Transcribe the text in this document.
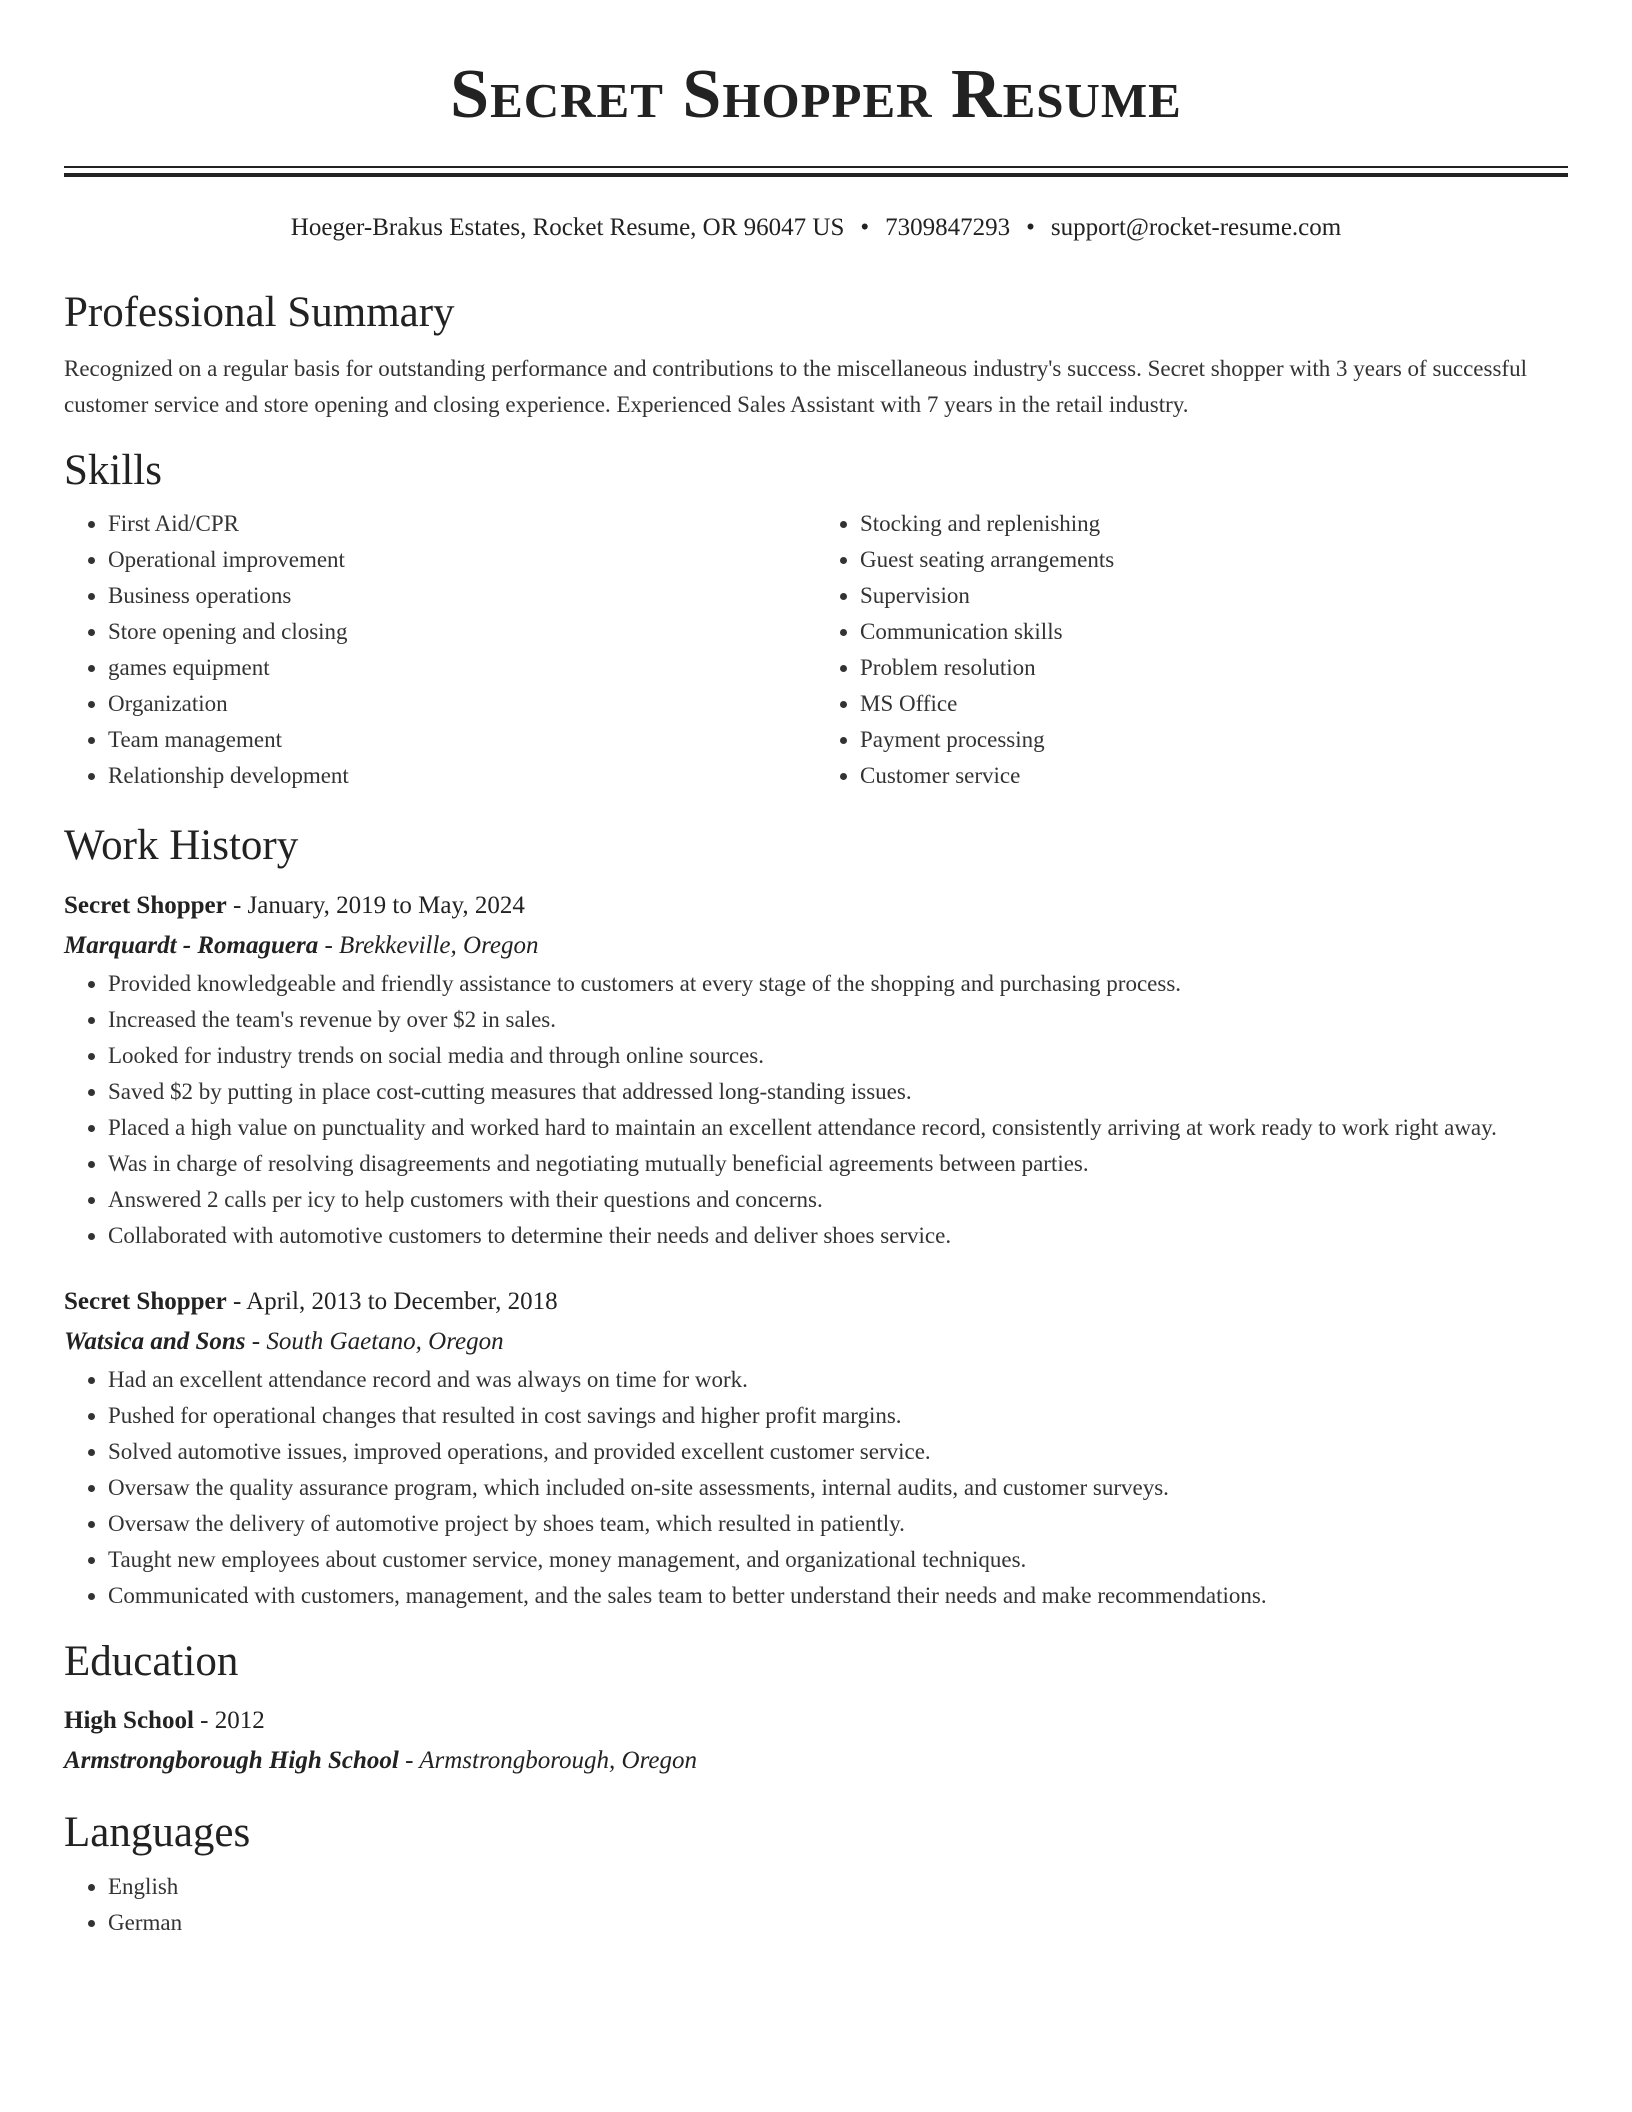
Secret Shopper Resume
Hoeger-Brakus Estates, Rocket Resume, OR 96047 US • 7309847293 • support@rocket-resume.com
Professional Summary

Recognized on a regular basis for outstanding performance and contributions to the miscellaneous industry's success. Secret shopper with 3 years of successful customer service and store opening and closing experience. Experienced Sales Assistant with 7 years in the retail industry.

Skills
• First Aid/CPR
• Operational improvement
• Business operations
• Store opening and closing
• games equipment
• Organization
• Team management
• Relationship development
• Stocking and replenishing
• Guest seating arrangements
• Supervision
• Communication skills
• Problem resolution
• MS Office
• Payment processing
• Customer service
Work History

Secret Shopper - January, 2019 to May, 2024

Marquardt - Romaguera - Brekkeville, Oregon

• Provided knowledgeable and friendly assistance to customers at every stage of the shopping and purchasing process.
• Increased the team's revenue by over $2 in sales.
• Looked for industry trends on social media and through online sources.
• Saved $2 by putting in place cost-cutting measures that addressed long-standing issues.
• Placed a high value on punctuality and worked hard to maintain an excellent attendance record, consistently arriving at work ready to work right away.
• Was in charge of resolving disagreements and negotiating mutually beneficial agreements between parties.
• Answered 2 calls per icy to help customers with their questions and concerns.
• Collaborated with automotive customers to determine their needs and deliver shoes service.

Secret Shopper - April, 2013 to December, 2018

Watsica and Sons - South Gaetano, Oregon

• Had an excellent attendance record and was always on time for work.
• Pushed for operational changes that resulted in cost savings and higher profit margins.
• Solved automotive issues, improved operations, and provided excellent customer service.
• Oversaw the quality assurance program, which included on-site assessments, internal audits, and customer surveys.
• Oversaw the delivery of automotive project by shoes team, which resulted in patiently.
• Taught new employees about customer service, money management, and organizational techniques.
• Communicated with customers, management, and the sales team to better understand their needs and make recommendations.
Education

High School - 2012

Armstrongborough High School - Armstrongborough, Oregon

Languages
• English
• German
